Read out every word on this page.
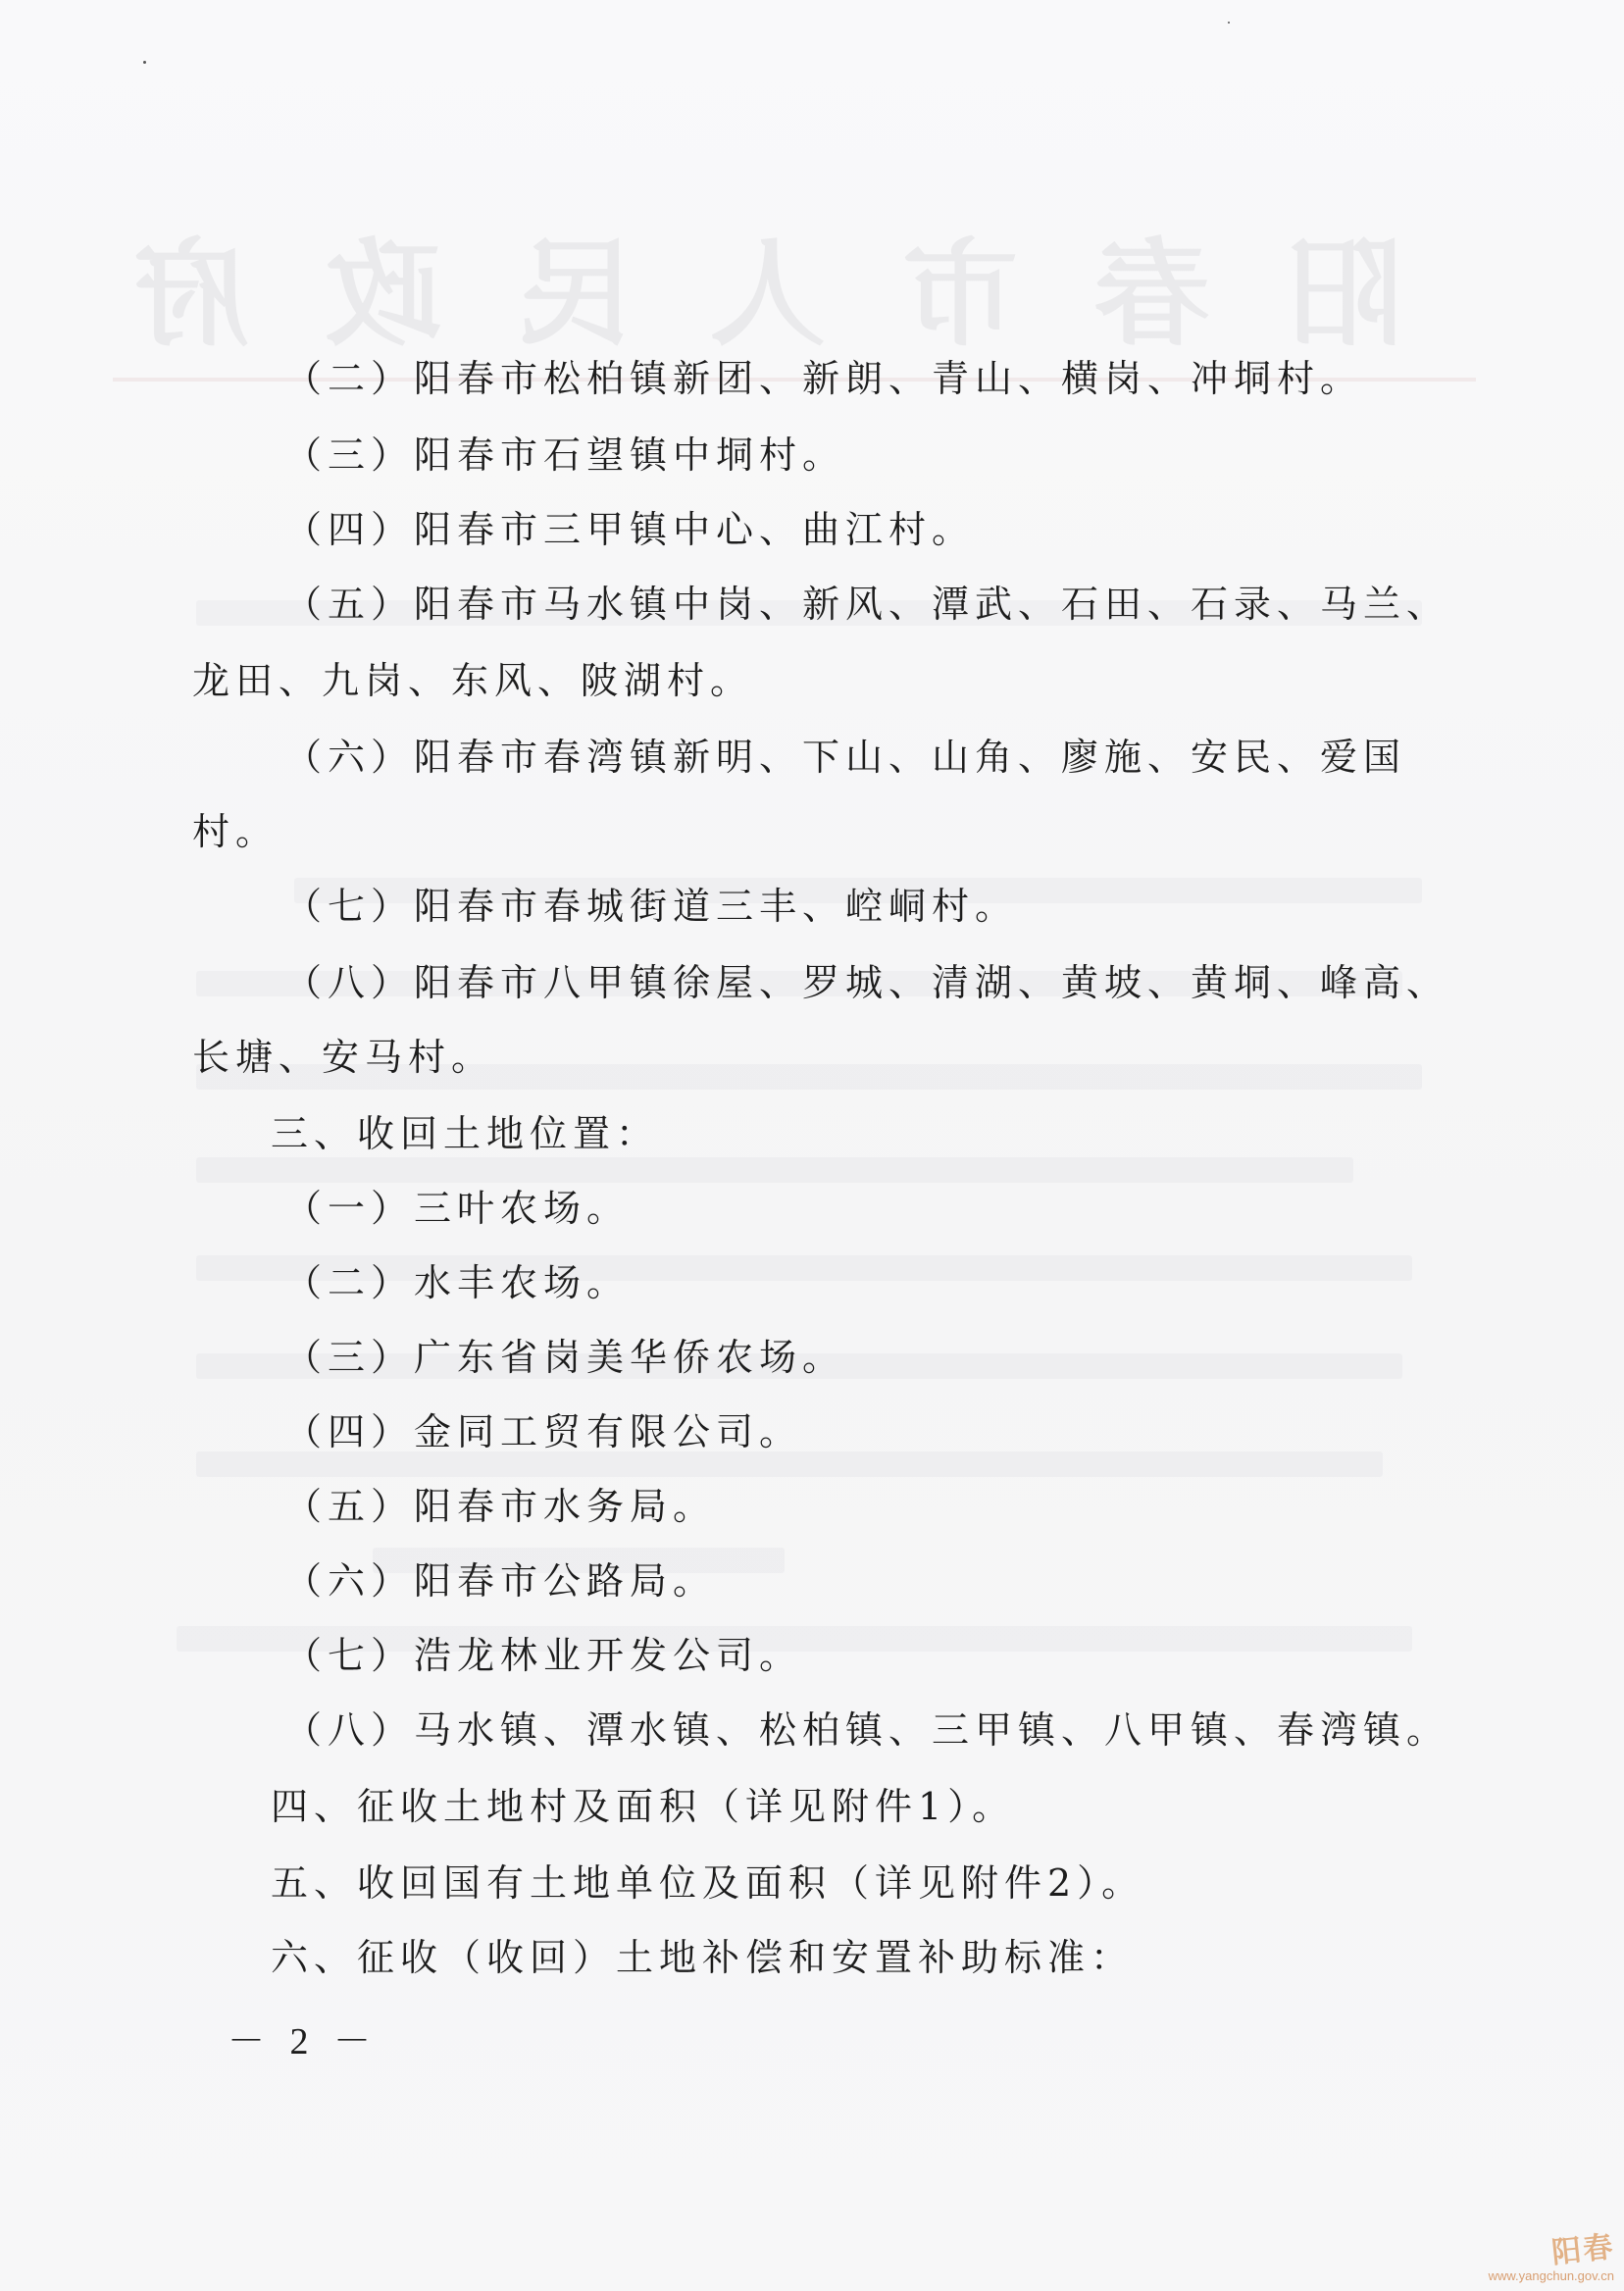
阳春市人民政府
（二）阳春市松柏镇新团、新朗、青山、横岗、冲垌村。
（三）阳春市石望镇中垌村。
（四）阳春市三甲镇中心、曲江村。
（五）阳春市马水镇中岗、新风、潭武、石田、石录、马兰、
龙田、九岗、东风、陂湖村。
（六）阳春市春湾镇新明、下山、山角、廖施、安民、爱国
村。
（七）阳春市春城街道三丰、崆峒村。
（八）阳春市八甲镇徐屋、罗城、清湖、黄坡、黄垌、峰高、
长塘、安马村。
三、收回土地位置：
（一）三叶农场。
（二）水丰农场。
（三）广东省岗美华侨农场。
（四）金同工贸有限公司。
（五）阳春市水务局。
（六）阳春市公路局。
（七）浩龙林业开发公司。
（八）马水镇、潭水镇、松柏镇、三甲镇、八甲镇、春湾镇。
四、征收土地村及面积（详见附件1）。
五、收回国有土地单位及面积（详见附件2）。
六、征收（收回）土地补偿和安置补助标准：
－ 2 －
阳春
www.yangchun.gov.cn
